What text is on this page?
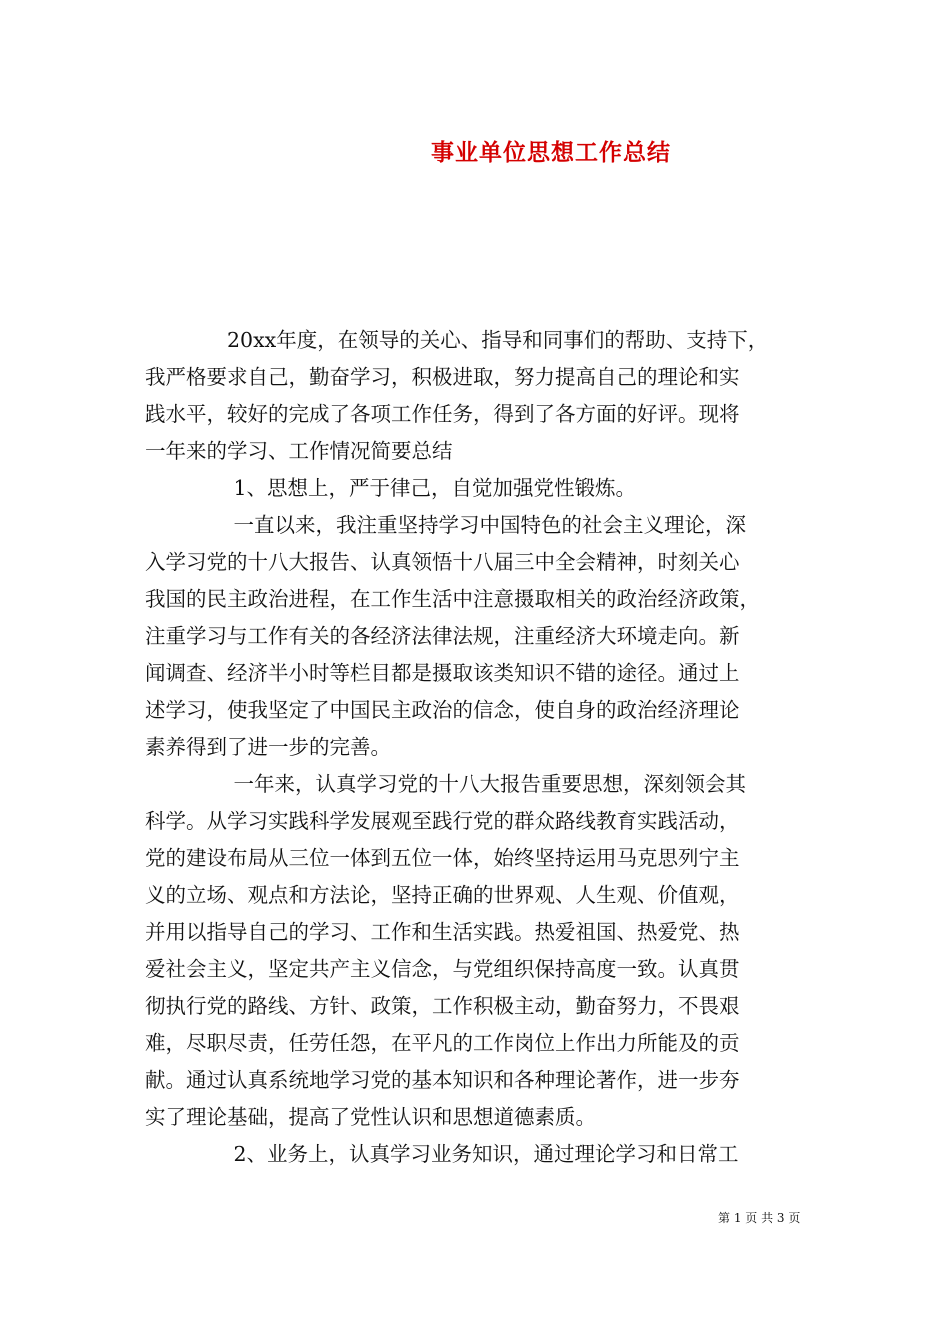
事业单位思想工作总结

　　　　20xx年度，在领导的关心、指导和同事们的帮助、支持下，

我严格要求自己，勤奋学习，积极进取，努力提高自己的理论和实

践水平，较好的完成了各项工作任务，得到了各方面的好评。现将

一年来的学习、工作情况简要总结

　　　　 1、思想上，严于律己，自觉加强党性锻炼。

　　　　 一直以来，我注重坚持学习中国特色的社会主义理论，深

入学习党的十八大报告、认真领悟十八届三中全会精神，时刻关心

我国的民主政治进程，在工作生活中注意摄取相关的政治经济政策，

注重学习与工作有关的各经济法律法规，注重经济大环境走向。新

闻调查、经济半小时等栏目都是摄取该类知识不错的途径。通过上

述学习，使我坚定了中国民主政治的信念，使自身的政治经济理论

素养得到了进一步的完善。

　　　　 一年来，认真学习党的十八大报告重要思想，深刻领会其

科学。从学习实践科学发展观至践行党的群众路线教育实践活动，

党的建设布局从三位一体到五位一体，始终坚持运用马克思列宁主

义的立场、观点和方法论，坚持正确的世界观、人生观、价值观，

并用以指导自己的学习、工作和生活实践。热爱祖国、热爱党、热

爱社会主义，坚定共产主义信念，与党组织保持高度一致。认真贯

彻执行党的路线、方针、政策，工作积极主动，勤奋努力，不畏艰

难，尽职尽责，任劳任怨，在平凡的工作岗位上作出力所能及的贡

献。通过认真系统地学习党的基本知识和各种理论著作，进一步夯

实了理论基础，提高了党性认识和思想道德素质。

　　　　 2、业务上，认真学习业务知识，通过理论学习和日常工

第 1 页 共 3 页
